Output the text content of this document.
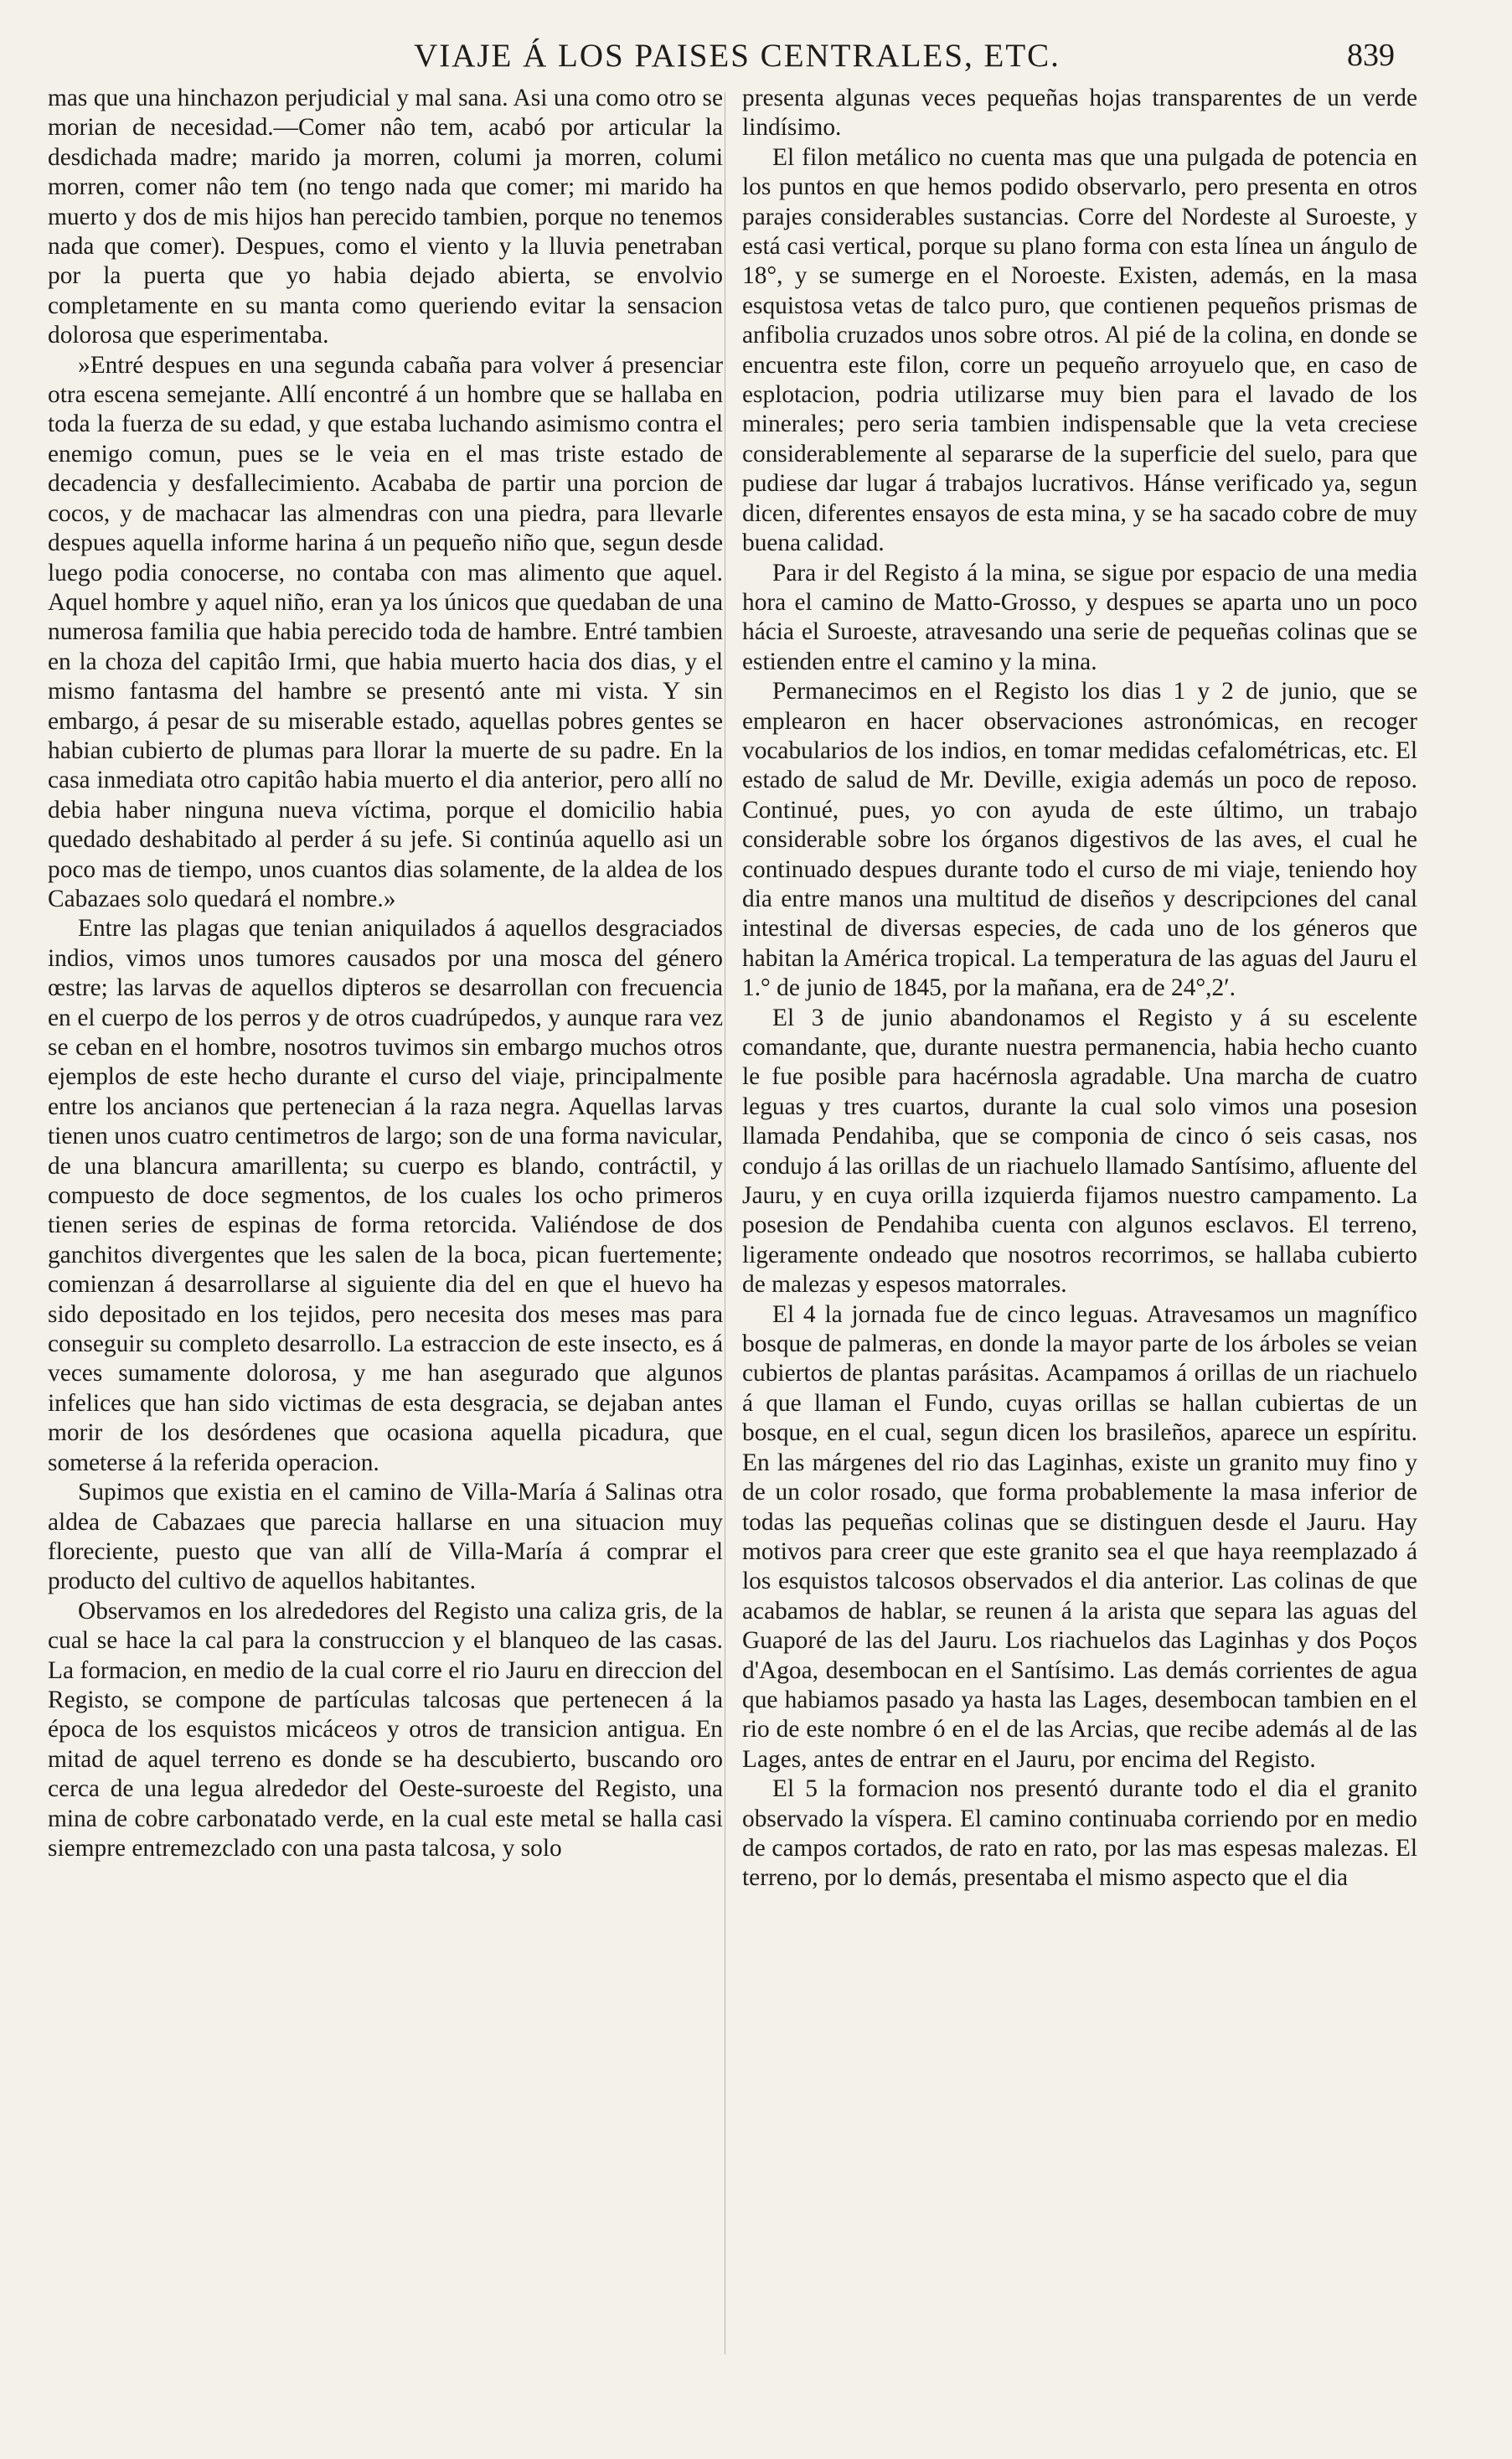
VIAJE Á LOS PAISES CENTRALES, ETC.	839

mas que una hinchazon perjudicial y mal sana. Asi una como otro se morian de necesidad.—Comer nâo tem, acabó por articular la desdichada madre; marido ja morren, columi ja morren, columi morren, comer nâo tem (no tengo nada que comer; mi marido ha muerto y dos de mis hijos han perecido tambien, porque no tenemos nada que comer). Despues, como el viento y la lluvia penetraban por la puerta que yo habia dejado abierta, se envolvio completamente en su manta como queriendo evitar la sensacion dolorosa que esperimentaba.

»Entré despues en una segunda cabaña para volver á presenciar otra escena semejante. Allí encontré á un hombre que se hallaba en toda la fuerza de su edad, y que estaba luchando asimismo contra el enemigo comun, pues se le veia en el mas triste estado de decadencia y desfallecimiento. Acababa de partir una porcion de cocos, y de machacar las almendras con una piedra, para llevarle despues aquella informe harina á un pequeño niño que, segun desde luego podia conocerse, no contaba con mas alimento que aquel. Aquel hombre y aquel niño, eran ya los únicos que quedaban de una numerosa familia que habia perecido toda de hambre. Entré tambien en la choza del capitâo Irmi, que habia muerto hacia dos dias, y el mismo fantasma del hambre se presentó ante mi vista. Y sin embargo, á pesar de su miserable estado, aquellas pobres gentes se habian cubierto de plumas para llorar la muerte de su padre. En la casa inmediata otro capitâo habia muerto el dia anterior, pero allí no debia haber ninguna nueva víctima, porque el domicilio habia quedado deshabitado al perder á su jefe. Si continúa aquello asi un poco mas de tiempo, unos cuantos dias solamente, de la aldea de los Cabazaes solo quedará el nombre.»

Entre las plagas que tenian aniquilados á aquellos desgraciados indios, vimos unos tumores causados por una mosca del género œstre; las larvas de aquellos dipteros se desarrollan con frecuencia en el cuerpo de los perros y de otros cuadrúpedos, y aunque rara vez se ceban en el hombre, nosotros tuvimos sin embargo muchos otros ejemplos de este hecho durante el curso del viaje, principalmente entre los ancianos que pertenecian á la raza negra. Aquellas larvas tienen unos cuatro centimetros de largo; son de una forma navicular, de una blancura amarillenta; su cuerpo es blando, contráctil, y compuesto de doce segmentos, de los cuales los ocho primeros tienen series de espinas de forma retorcida. Valiéndose de dos ganchitos divergentes que les salen de la boca, pican fuertemente; comienzan á desarrollarse al siguiente dia del en que el huevo ha sido depositado en los tejidos, pero necesita dos meses mas para conseguir su completo desarrollo. La estraccion de este insecto, es á veces sumamente dolorosa, y me han asegurado que algunos infelices que han sido victimas de esta desgracia, se dejaban antes morir de los desórdenes que ocasiona aquella picadura, que someterse á la referida operacion.

Supimos que existia en el camino de Villa-María á Salinas otra aldea de Cabazaes que parecia hallarse en una situacion muy floreciente, puesto que van allí de Villa-María á comprar el producto del cultivo de aquellos habitantes.

Observamos en los alrededores del Registo una caliza gris, de la cual se hace la cal para la construccion y el blanqueo de las casas. La formacion, en medio de la cual corre el rio Jauru en direccion del Registo, se compone de partículas talcosas que pertenecen á la época de los esquistos micáceos y otros de transicion antigua. En mitad de aquel terreno es donde se ha descubierto, buscando oro cerca de una legua alrededor del Oeste-suroeste del Registo, una mina de cobre carbonatado verde, en la cual este metal se halla casi siempre entremezclado con una pasta talcosa, y solo

presenta algunas veces pequeñas hojas transparentes de un verde lindísimo.

El filon metálico no cuenta mas que una pulgada de potencia en los puntos en que hemos podido observarlo, pero presenta en otros parajes considerables sustancias. Corre del Nordeste al Suroeste, y está casi vertical, porque su plano forma con esta línea un ángulo de 18°, y se sumerge en el Noroeste. Existen, además, en la masa esquistosa vetas de talco puro, que contienen pequeños prismas de anfibolia cruzados unos sobre otros. Al pié de la colina, en donde se encuentra este filon, corre un pequeño arroyuelo que, en caso de esplotacion, podria utilizarse muy bien para el lavado de los minerales; pero seria tambien indispensable que la veta creciese considerablemente al separarse de la superficie del suelo, para que pudiese dar lugar á trabajos lucrativos. Hánse verificado ya, segun dicen, diferentes ensayos de esta mina, y se ha sacado cobre de muy buena calidad.

Para ir del Registo á la mina, se sigue por espacio de una media hora el camino de Matto-Grosso, y despues se aparta uno un poco hácia el Suroeste, atravesando una serie de pequeñas colinas que se estienden entre el camino y la mina.

Permanecimos en el Registo los dias 1 y 2 de junio, que se emplearon en hacer observaciones astronómicas, en recoger vocabularios de los indios, en tomar medidas cefalométricas, etc. El estado de salud de Mr. Deville, exigia además un poco de reposo. Continué, pues, yo con ayuda de este último, un trabajo considerable sobre los órganos digestivos de las aves, el cual he continuado despues durante todo el curso de mi viaje, teniendo hoy dia entre manos una multitud de diseños y descripciones del canal intestinal de diversas especies, de cada uno de los géneros que habitan la América tropical. La temperatura de las aguas del Jauru el 1.° de junio de 1845, por la mañana, era de 24°,2′.

El 3 de junio abandonamos el Registo y á su escelente comandante, que, durante nuestra permanencia, habia hecho cuanto le fue posible para hacérnosla agradable. Una marcha de cuatro leguas y tres cuartos, durante la cual solo vimos una posesion llamada Pendahiba, que se componia de cinco ó seis casas, nos condujo á las orillas de un riachuelo llamado Santísimo, afluente del Jauru, y en cuya orilla izquierda fijamos nuestro campamento. La posesion de Pendahiba cuenta con algunos esclavos. El terreno, ligeramente ondeado que nosotros recorrimos, se hallaba cubierto de malezas y espesos matorrales.

El 4 la jornada fue de cinco leguas. Atravesamos un magnífico bosque de palmeras, en donde la mayor parte de los árboles se veian cubiertos de plantas parásitas. Acampamos á orillas de un riachuelo á que llaman el Fundo, cuyas orillas se hallan cubiertas de un bosque, en el cual, segun dicen los brasileños, aparece un espíritu. En las márgenes del rio das Laginhas, existe un granito muy fino y de un color rosado, que forma probablemente la masa inferior de todas las pequeñas colinas que se distinguen desde el Jauru. Hay motivos para creer que este granito sea el que haya reemplazado á los esquistos talcosos observados el dia anterior. Las colinas de que acabamos de hablar, se reunen á la arista que separa las aguas del Guaporé de las del Jauru. Los riachuelos das Laginhas y dos Poços d'Agoa, desembocan en el Santísimo. Las demás corrientes de agua que habiamos pasado ya hasta las Lages, desembocan tambien en el rio de este nombre ó en el de las Arcias, que recibe además al de las Lages, antes de entrar en el Jauru, por encima del Registo.

El 5 la formacion nos presentó durante todo el dia el granito observado la víspera. El camino continuaba corriendo por en medio de campos cortados, de rato en rato, por las mas espesas malezas. El terreno, por lo demás, presentaba el mismo aspecto que el dia
